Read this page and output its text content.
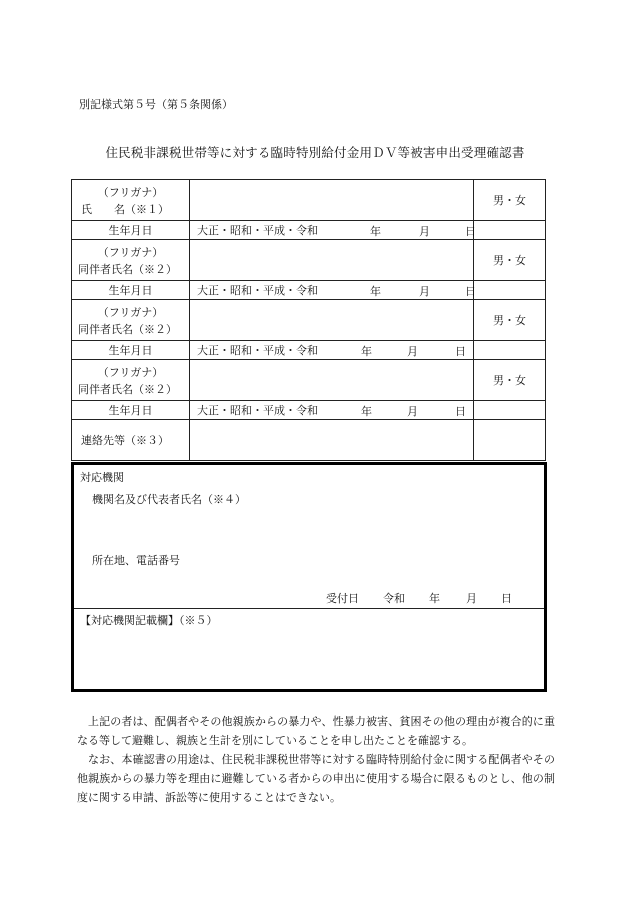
別記様式第５号（第５条関係）
住民税非課税世帯等に対する臨時特別給付金用ＤＶ等被害申出受理確認書
（フリガナ）
氏 名（※１）		男・女
生年月日	大正・昭和・平成・令和 年 月 日	

（フリガナ）
同伴者氏名（※２）		男・女
生年月日	大正・昭和・平成・令和 年 月 日	

（フリガナ）
同伴者氏名（※２）		男・女
生年月日	大正・昭和・平成・令和 年 月 日	

（フリガナ）
同伴者氏名（※２）		男・女
生年月日	大正・昭和・平成・令和 年 月 日	

連絡先等（※３）		
対応機関
機関名及び代表者氏名（※４）
所在地、電話番号
受付日 令和 年 月 日
【対応機関記載欄】（※５）
上記の者は、配偶者やその他親族からの暴力や、性暴力被害、貧困その他の理由が複合的に重なる等して避難し、親族と生計を別にしていることを申し出たことを確認する。
なお、本確認書の用途は、住民税非課税世帯等に対する臨時特別給付金に関する配偶者やその他親族からの暴力等を理由に避難している者からの申出に使用する場合に限るものとし、他の制度に関する申請、訴訟等に使用することはできない。
